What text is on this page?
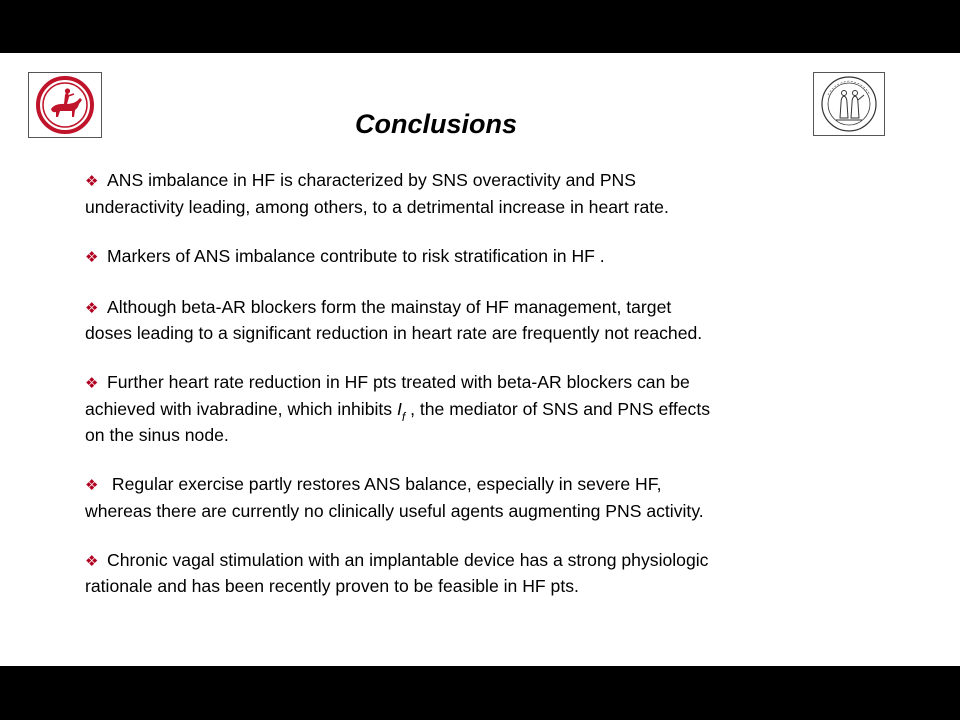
Conclusions
❖ ANS imbalance in HF is characterized by SNS overactivity and PNS
underactivity leading, among others, to a detrimental increase in heart rate.
❖ Markers of ANS imbalance contribute to risk stratification in HF .
❖ Although beta-AR blockers form the mainstay of HF management, target
doses leading to a significant reduction in heart rate are frequently not reached.
❖ Further heart rate reduction in HF pts treated with beta-AR blockers can be
achieved with ivabradine, which inhibits $I_f$ , the mediator of SNS and PNS effects
on the sinus node.
❖ Regular exercise partly restores ANS balance, especially in severe HF,
whereas there are currently no clinically useful agents augmenting PNS activity.
❖ Chronic vagal stimulation with an implantable device has a strong physiologic
rationale and has been recently proven to be feasible in HF pts.
